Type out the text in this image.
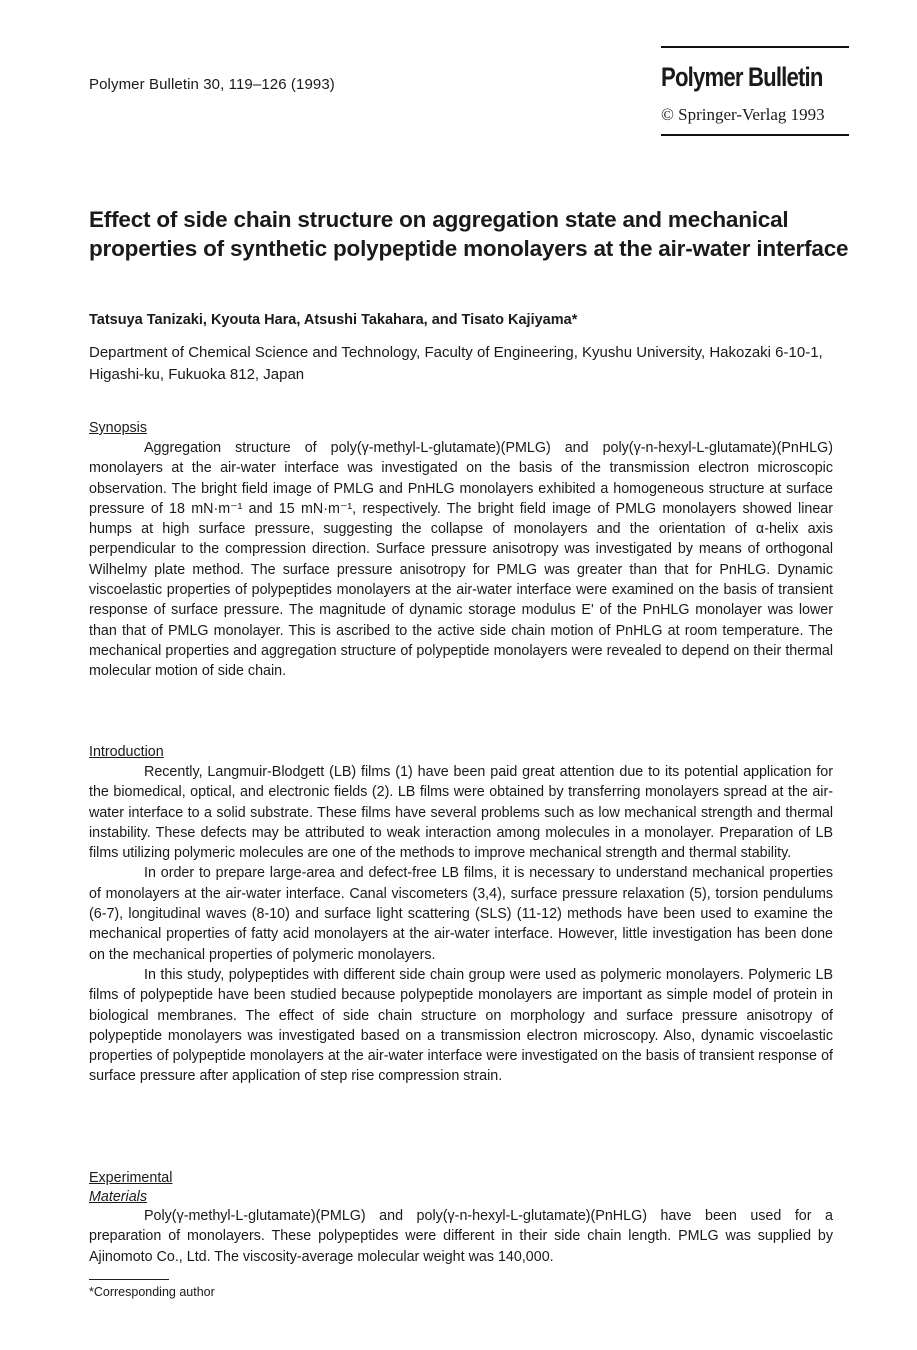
Polymer Bulletin 30, 119–126 (1993)	Polymer Bulletin
© Springer-Verlag 1993
Effect of side chain structure on aggregation state and mechanical properties of synthetic polypeptide monolayers at the air-water interface
Tatsuya Tanizaki, Kyouta Hara, Atsushi Takahara, and Tisato Kajiyama*
Department of Chemical Science and Technology, Faculty of Engineering, Kyushu University, Hakozaki 6-10-1, Higashi-ku, Fukuoka 812, Japan
Synopsis

Aggregation structure of poly(γ-methyl-L-glutamate)(PMLG) and poly(γ-n-hexyl-L-glutamate)(PnHLG) monolayers at the air-water interface was investigated on the basis of the transmission electron microscopic observation. The bright field image of PMLG and PnHLG monolayers exhibited a homogeneous structure at surface pressure of 18 mN·m⁻¹ and 15 mN·m⁻¹, respectively. The bright field image of PMLG monolayers showed linear humps at high surface pressure, suggesting the collapse of monolayers and the orientation of α-helix axis perpendicular to the compression direction. Surface pressure anisotropy was investigated by means of orthogonal Wilhelmy plate method. The surface pressure anisotropy for PMLG was greater than that for PnHLG. Dynamic viscoelastic properties of polypeptides monolayers at the air-water interface were examined on the basis of transient response of surface pressure. The magnitude of dynamic storage modulus E' of the PnHLG monolayer was lower than that of PMLG monolayer. This is ascribed to the active side chain motion of PnHLG at room temperature. The mechanical properties and aggregation structure of polypeptide monolayers were revealed to depend on their thermal molecular motion of side chain.

Introduction

Recently, Langmuir-Blodgett (LB) films (1) have been paid great attention due to its potential application for the biomedical, optical, and electronic fields (2). LB films were obtained by transferring monolayers spread at the air-water interface to a solid substrate. These films have several problems such as low mechanical strength and thermal instability. These defects may be attributed to weak interaction among molecules in a monolayer. Preparation of LB films utilizing polymeric molecules are one of the methods to improve mechanical strength and thermal stability.

In order to prepare large-area and defect-free LB films, it is necessary to understand mechanical properties of monolayers at the air-water interface. Canal viscometers (3,4), surface pressure relaxation (5), torsion pendulums (6-7), longitudinal waves (8-10) and surface light scattering (SLS) (11-12) methods have been used to examine the mechanical properties of fatty acid monolayers at the air-water interface. However, little investigation has been done on the mechanical properties of polymeric monolayers.

In this study, polypeptides with different side chain group were used as polymeric monolayers. Polymeric LB films of polypeptide have been studied because polypeptide monolayers are important as simple model of protein in biological membranes. The effect of side chain structure on morphology and surface pressure anisotropy of polypeptide monolayers was investigated based on a transmission electron microscopy. Also, dynamic viscoelastic properties of polypeptide monolayers at the air-water interface were investigated on the basis of transient response of surface pressure after application of step rise compression strain.

Experimental
Materials

Poly(γ-methyl-L-glutamate)(PMLG) and poly(γ-n-hexyl-L-glutamate)(PnHLG) have been used for a preparation of monolayers. These polypeptides were different in their side chain length. PMLG was supplied by Ajinomoto Co., Ltd. The viscosity-average molecular weight was 140,000.

*Corresponding author
